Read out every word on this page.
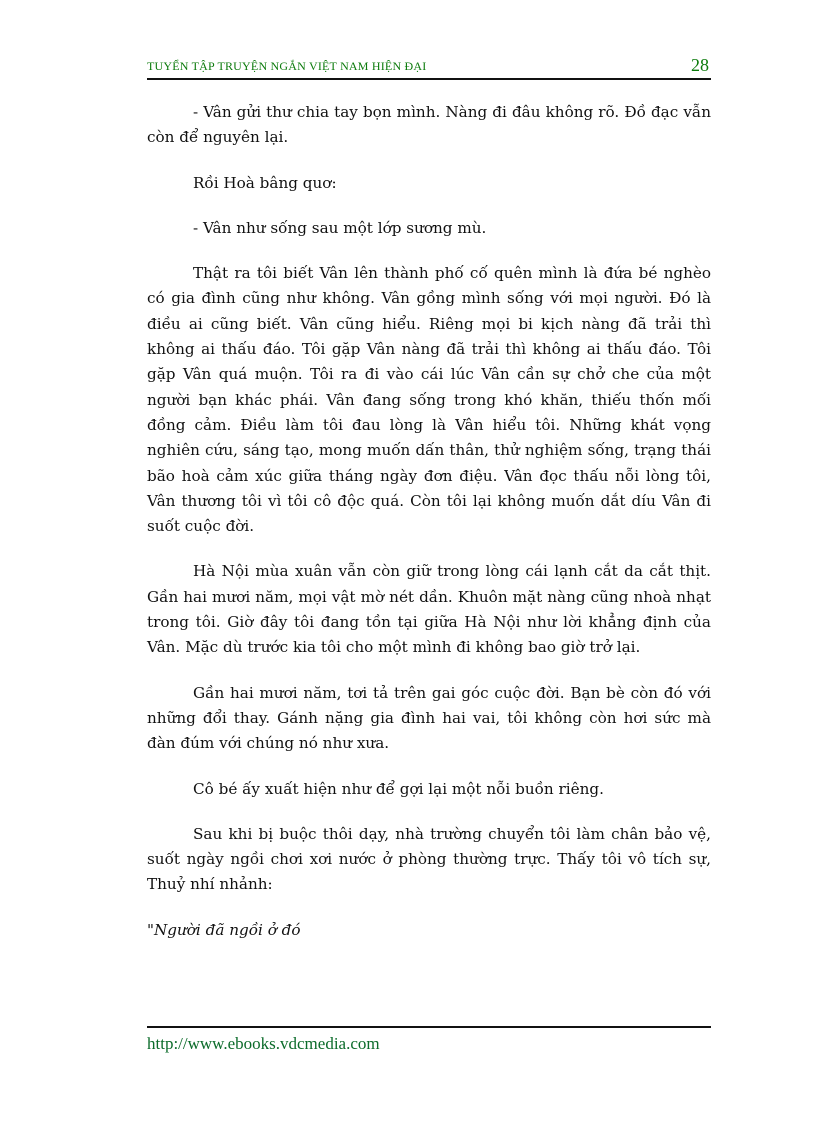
TUYỂN TẬP TRUYỆN NGẮN VIỆT NAM HIỆN ĐẠI	28

- Vân gửi thư chia tay bọn mình. Nàng đi đâu không rõ. Đồ đạc vẫn còn để nguyên lại.

Rồi Hoà bâng quơ:

- Vân như sống sau một lớp sương mù.

Thật ra tôi biết Vân lên thành phố cố quên mình là đứa bé nghèo có gia đình cũng như không. Vân gồng mình sống với mọi người. Đó là điều ai cũng biết. Vân cũng hiểu. Riêng mọi bi kịch nàng đã trải thì không ai thấu đáo. Tôi gặp Vân nàng đã trải thì không ai thấu đáo. Tôi gặp Vân quá muộn. Tôi ra đi vào cái lúc Vân cần sự chở che của một người bạn khác phái. Vân đang sống trong khó khăn, thiếu thốn mối đồng cảm. Điều làm tôi đau lòng là Vân hiểu tôi. Những khát vọng nghiên cứu, sáng tạo, mong muốn dấn thân, thử nghiệm sống, trạng thái bão hoà cảm xúc giữa tháng ngày đơn điệu. Vân đọc thấu nỗi lòng tôi, Vân thương tôi vì tôi cô độc quá. Còn tôi lại không muốn dắt díu Vân đi suốt cuộc đời.

Hà Nội mùa xuân vẫn còn giữ trong lòng cái lạnh cắt da cắt thịt. Gần hai mươi năm, mọi vật mờ nét dần. Khuôn mặt nàng cũng nhoà nhạt trong tôi. Giờ đây tôi đang tồn tại giữa Hà Nội như lời khẳng định của Vân. Mặc dù trước kia tôi cho một mình đi không bao giờ trở lại.

Gần hai mươi năm, tơi tả trên gai góc cuộc đời. Bạn bè còn đó với những đổi thay. Gánh nặng gia đình hai vai, tôi không còn hơi sức mà đàn đúm với chúng nó như xưa.

Cô bé ấy xuất hiện như để gợi lại một nỗi buồn riêng.

Sau khi bị buộc thôi dạy, nhà trường chuyển tôi làm chân bảo vệ, suốt ngày ngồi chơi xơi nước ở phòng thường trực. Thấy tôi vô tích sự, Thuỷ nhí nhảnh:

"Người đã ngồi ở đó

http://www.ebooks.vdcmedia.com
